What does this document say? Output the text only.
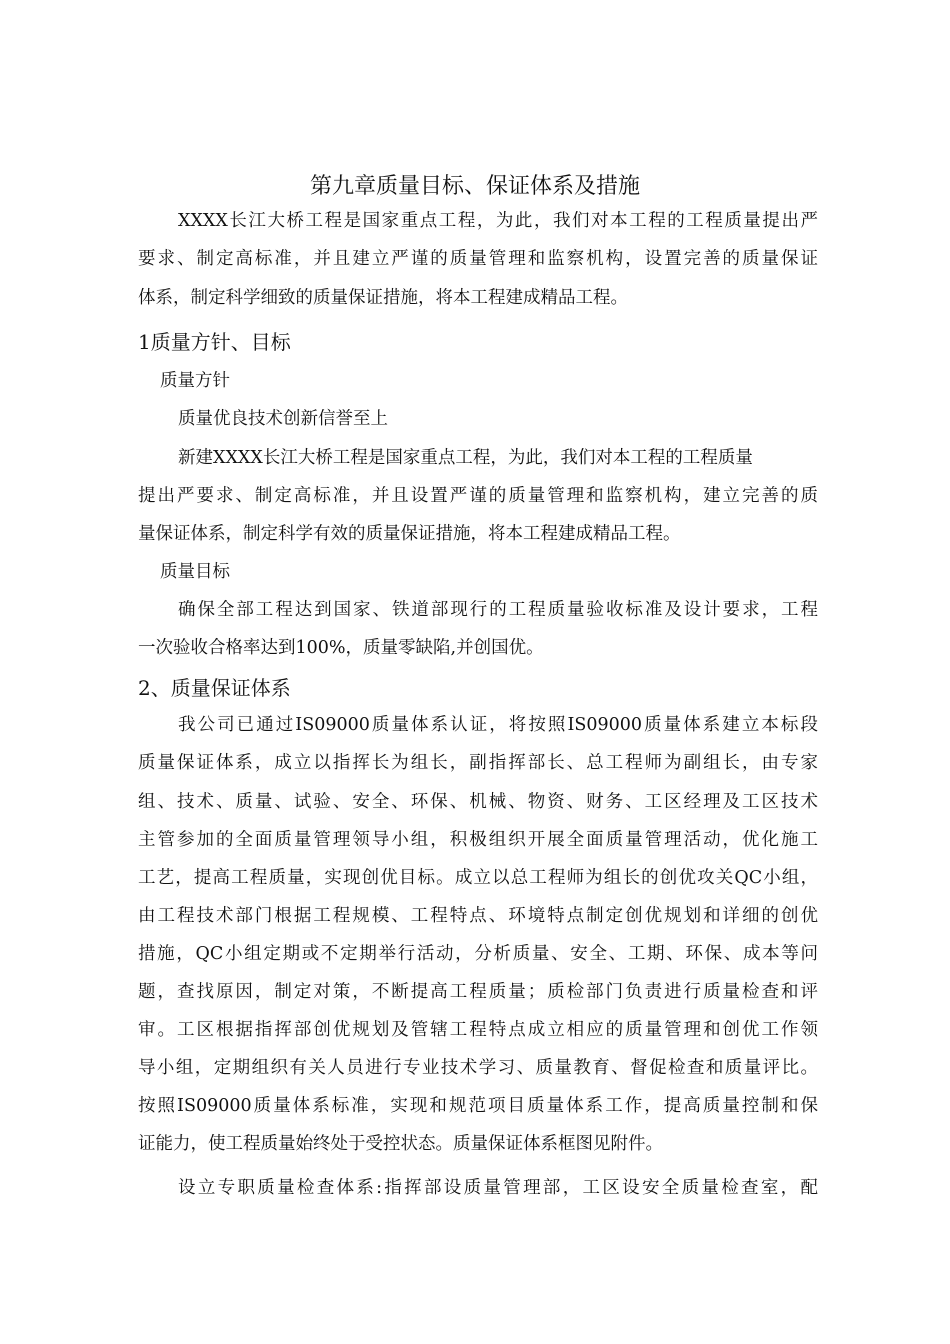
第九章质量目标、保证体系及措施
XXXX长江大桥工程是国家重点工程，为此，我们对本工程的工程质量提出严
要求、制定高标准，并且建立严谨的质量管理和监察机构，设置完善的质量保证
体系，制定科学细致的质量保证措施，将本工程建成精品工程。
1质量方针、目标
质量方针
质量优良技术创新信誉至上
新建XXXX长江大桥工程是国家重点工程，为此，我们对本工程的工程质量
提出严要求、制定高标准，并且设置严谨的质量管理和监察机构，建立完善的质
量保证体系，制定科学有效的质量保证措施，将本工程建成精品工程。
质量目标
确保全部工程达到国家、铁道部现行的工程质量验收标准及设计要求，工程
一次验收合格率达到100%，质量零缺陷,并创国优。
2、质量保证体系
我公司已通过IS09000质量体系认证，将按照IS09000质量体系建立本标段
质量保证体系，成立以指挥长为组长，副指挥部长、总工程师为副组长，由专家
组、技术、质量、试验、安全、环保、机械、物资、财务、工区经理及工区技术
主管参加的全面质量管理领导小组，积极组织开展全面质量管理活动，优化施工
工艺，提高工程质量，实现创优目标。成立以总工程师为组长的创优攻关QC小组，
由工程技术部门根据工程规模、工程特点、环境特点制定创优规划和详细的创优
措施，QC小组定期或不定期举行活动，分析质量、安全、工期、环保、成本等问
题，查找原因，制定对策，不断提高工程质量；质检部门负责进行质量检查和评
审。工区根据指挥部创优规划及管辖工程特点成立相应的质量管理和创优工作领
导小组，定期组织有关人员进行专业技术学习、质量教育、督促检查和质量评比。
按照IS09000质量体系标准，实现和规范项目质量体系工作，提高质量控制和保
证能力，使工程质量始终处于受控状态。质量保证体系框图见附件。
设立专职质量检查体系:指挥部设质量管理部，工区设安全质量检查室，配
